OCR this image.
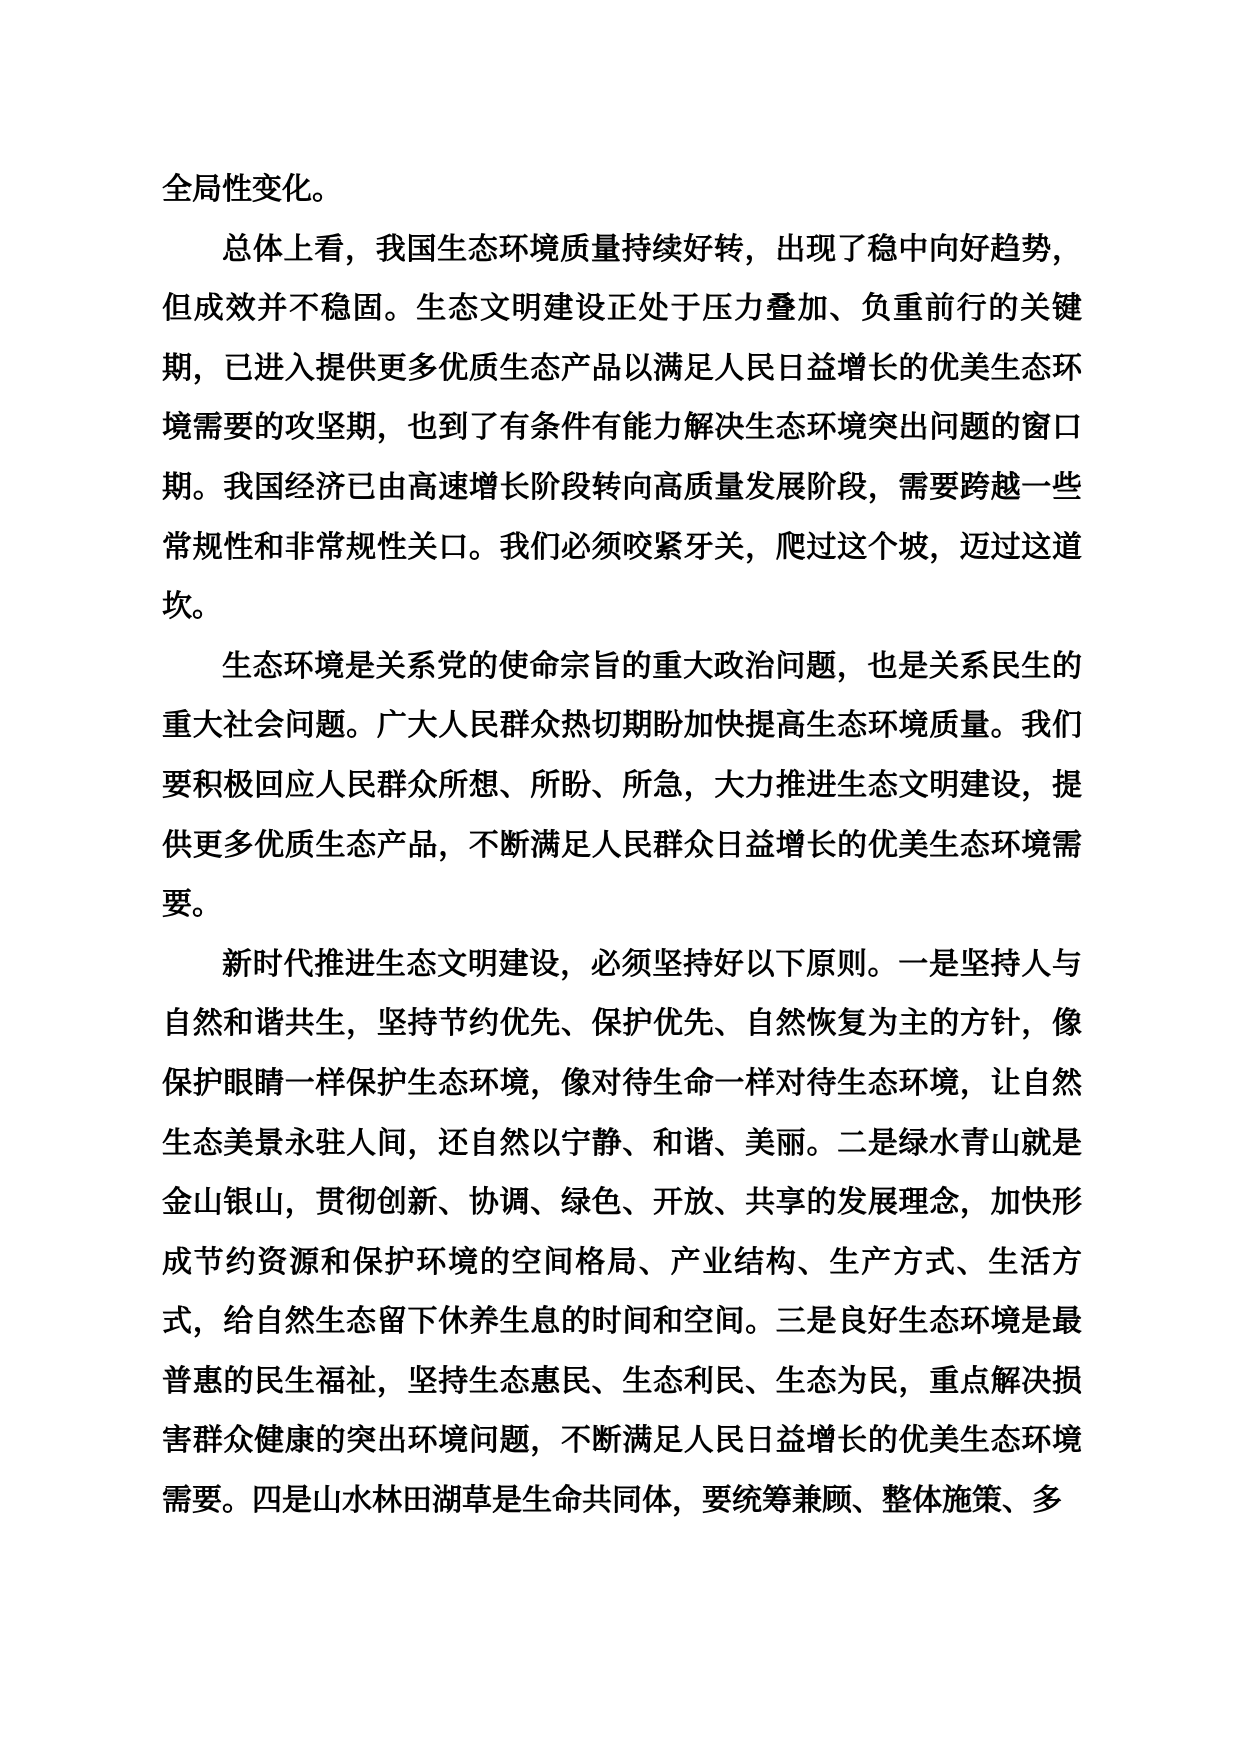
全局性变化。

总体上看，我国生态环境质量持续好转，出现了稳中向好趋势，但成效并不稳固。生态文明建设正处于压力叠加、负重前行的关键期，已进入提供更多优质生态产品以满足人民日益增长的优美生态环境需要的攻坚期，也到了有条件有能力解决生态环境突出问题的窗口期。我国经济已由高速增长阶段转向高质量发展阶段，需要跨越一些常规性和非常规性关口。我们必须咬紧牙关，爬过这个坡，迈过这道坎。

生态环境是关系党的使命宗旨的重大政治问题，也是关系民生的重大社会问题。广大人民群众热切期盼加快提高生态环境质量。我们要积极回应人民群众所想、所盼、所急，大力推进生态文明建设，提供更多优质生态产品，不断满足人民群众日益增长的优美生态环境需要。

新时代推进生态文明建设，必须坚持好以下原则。一是坚持人与自然和谐共生，坚持节约优先、保护优先、自然恢复为主的方针，像保护眼睛一样保护生态环境，像对待生命一样对待生态环境，让自然生态美景永驻人间，还自然以宁静、和谐、美丽。二是绿水青山就是金山银山，贯彻创新、协调、绿色、开放、共享的发展理念，加快形成节约资源和保护环境的空间格局、产业结构、生产方式、生活方式，给自然生态留下休养生息的时间和空间。三是良好生态环境是最普惠的民生福祉，坚持生态惠民、生态利民、生态为民，重点解决损害群众健康的突出环境问题，不断满足人民日益增长的优美生态环境需要。四是山水林田湖草是生命共同体，要统筹兼顾、整体施策、多
